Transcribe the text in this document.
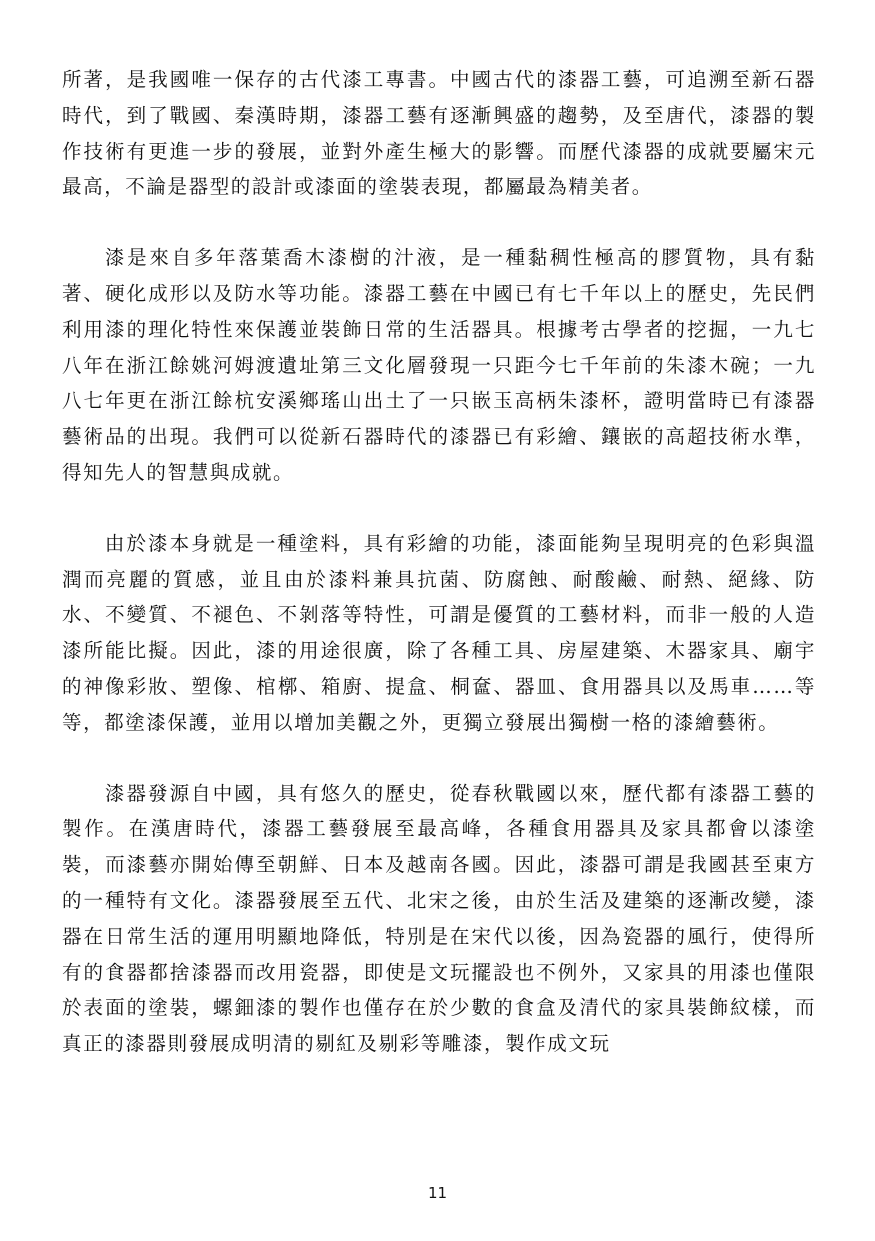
所著，是我國唯一保存的古代漆工專書。中國古代的漆器工藝，可追溯至新石器時代，到了戰國、秦漢時期，漆器工藝有逐漸興盛的趨勢，及至唐代，漆器的製作技術有更進一步的發展，並對外產生極大的影響。而歷代漆器的成就要屬宋元最高，不論是器型的設計或漆面的塗裝表現，都屬最為精美者。

漆是來自多年落葉喬木漆樹的汁液，是一種黏稠性極高的膠質物，具有黏著、硬化成形以及防水等功能。漆器工藝在中國已有七千年以上的歷史，先民們利用漆的理化特性來保護並裝飾日常的生活器具。根據考古學者的挖掘，一九七八年在浙江餘姚河姆渡遺址第三文化層發現一只距今七千年前的朱漆木碗；一九八七年更在浙江餘杭安溪鄉瑤山出土了一只嵌玉高柄朱漆杯，證明當時已有漆器藝術品的出現。我們可以從新石器時代的漆器已有彩繪、鑲嵌的高超技術水準，得知先人的智慧與成就。

由於漆本身就是一種塗料，具有彩繪的功能，漆面能夠呈現明亮的色彩與溫潤而亮麗的質感，並且由於漆料兼具抗菌、防腐蝕、耐酸鹼、耐熱、絕緣、防水、不變質、不褪色、不剝落等特性，可謂是優質的工藝材料，而非一般的人造漆所能比擬。因此，漆的用途很廣，除了各種工具、房屋建築、木器家具、廟宇的神像彩妝、塑像、棺槨、箱廚、提盒、桐奩、器皿、食用器具以及馬車……等等，都塗漆保護，並用以增加美觀之外，更獨立發展出獨樹一格的漆繪藝術。

漆器發源自中國，具有悠久的歷史，從春秋戰國以來，歷代都有漆器工藝的製作。在漢唐時代，漆器工藝發展至最高峰，各種食用器具及家具都會以漆塗裝，而漆藝亦開始傳至朝鮮、日本及越南各國。因此，漆器可謂是我國甚至東方的一種特有文化。漆器發展至五代、北宋之後，由於生活及建築的逐漸改變，漆器在日常生活的運用明顯地降低，特別是在宋代以後，因為瓷器的風行，使得所有的食器都捨漆器而改用瓷器，即使是文玩擺設也不例外，又家具的用漆也僅限於表面的塗裝，螺鈿漆的製作也僅存在於少數的食盒及清代的家具裝飾紋樣，而真正的漆器則發展成明清的剔紅及剔彩等雕漆，製作成文玩

11
